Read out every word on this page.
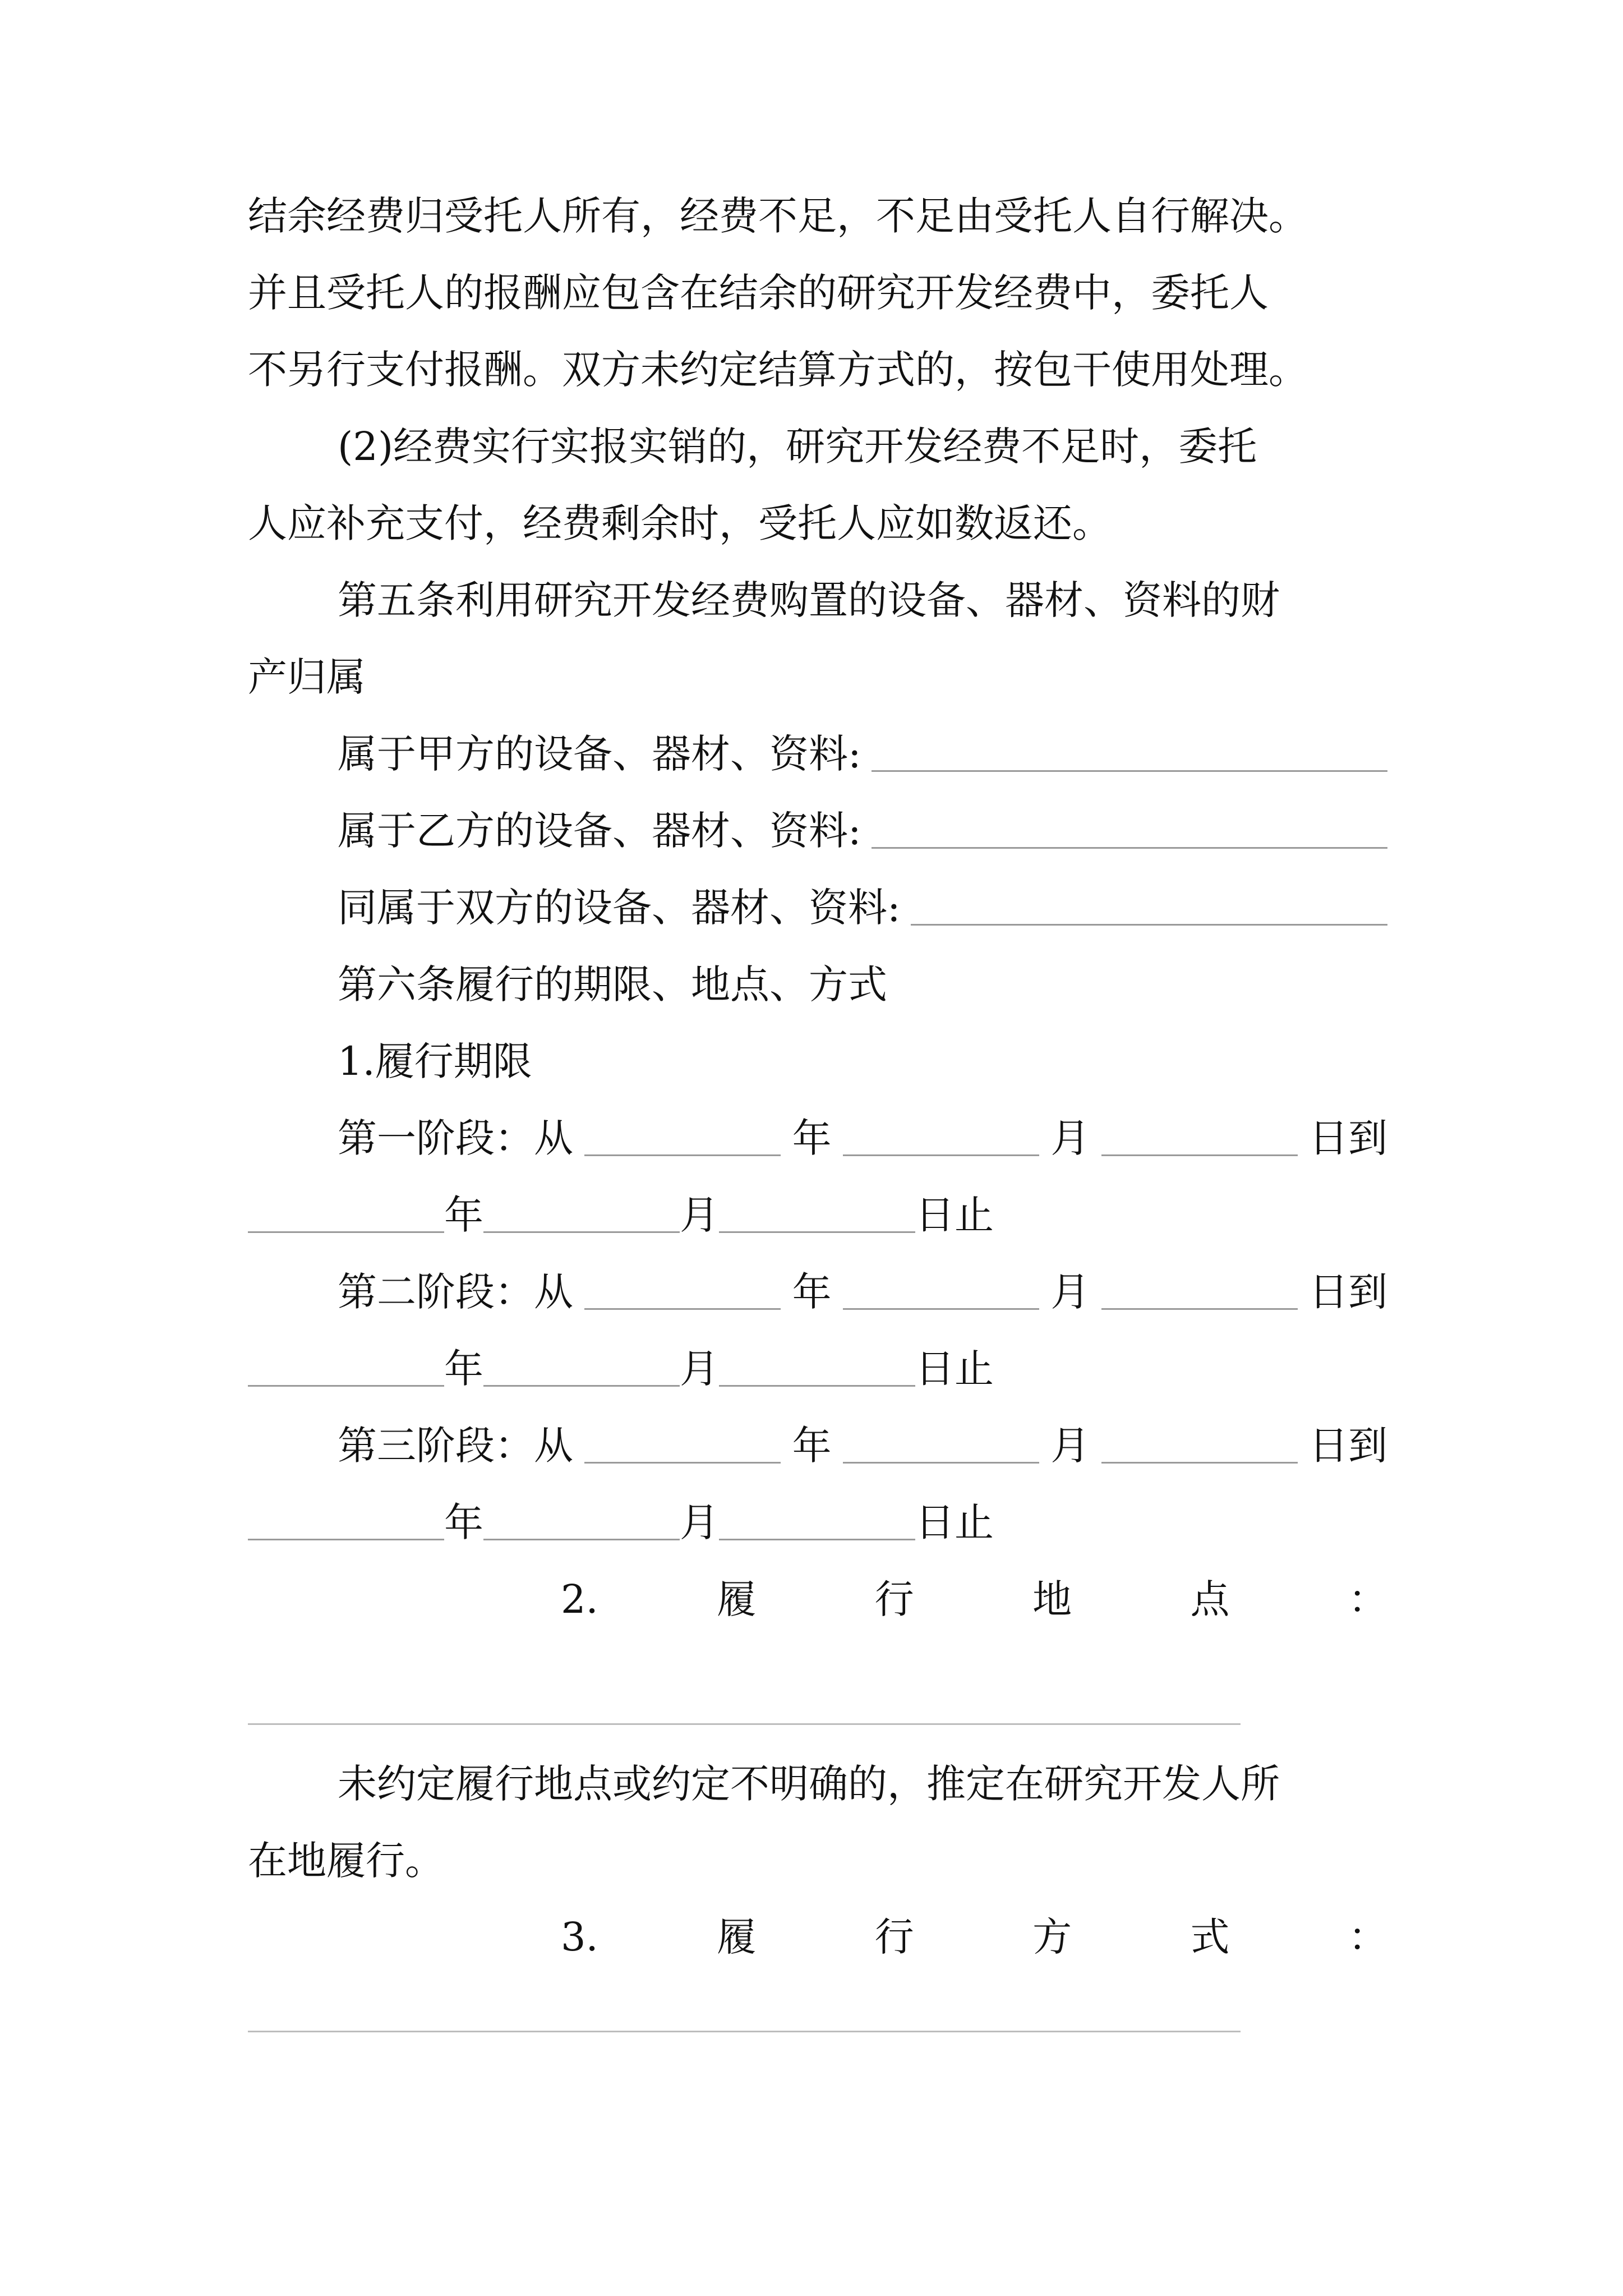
结余经费归受托人所有，经费不足，不足由受托人自行解决。
并且受托人的报酬应包含在结余的研究开发经费中，委托人
不另行支付报酬。双方未约定结算方式的，按包干使用处理。
(2)经费实行实报实销的，研究开发经费不足时，委托
人应补充支付，经费剩余时，受托人应如数返还。
第五条利用研究开发经费购置的设备、器材、资料的财
产归属
属于甲方的设备、器材、资料:
属于乙方的设备、器材、资料:
同属于双方的设备、器材、资料:
第六条履行的期限、地点、方式
1.履行期限
第一阶段：从	年	月	日到
年	月	日止
第二阶段：从	年	月	日到
年	月	日止
第三阶段：从	年	月	日到
年	月	日止
2.	履	行	地	点	：
未约定履行地点或约定不明确的，推定在研究开发人所
在地履行。
3.	履	行	方	式	：
